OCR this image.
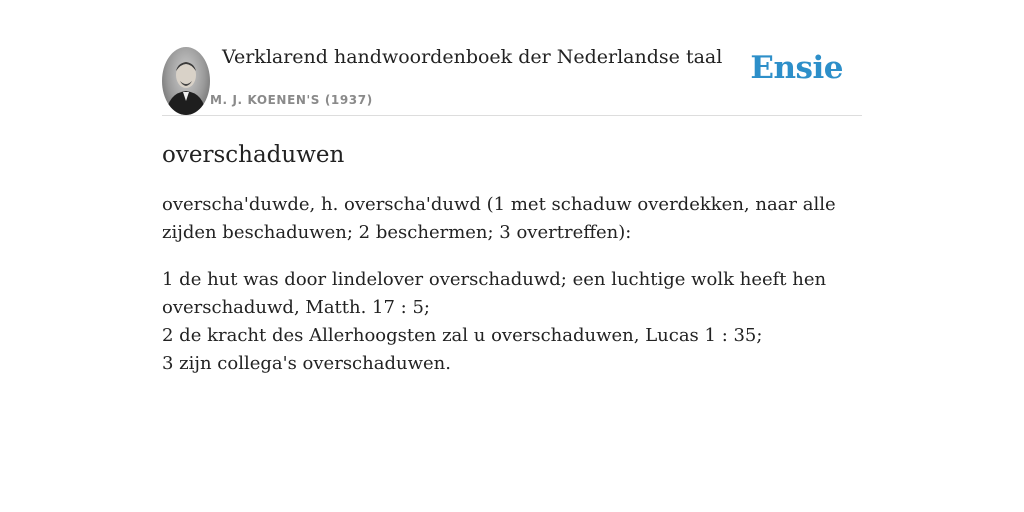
Verklarend handwoordenboek der Nederlandse taal
M. J. KOENEN'S (1937)
Ensie
overschaduwen

overscha'duwde, h. overscha'duwd (1 met schaduw overdekken, naar alle zijden beschaduwen; 2 beschermen; 3 overtreffen):

1 de hut was door lindelover overschaduwd; een luchtige wolk heeft hen overschaduwd, Matth. 17 : 5;
2 de kracht des Allerhoogsten zal u overschaduwen, Lucas 1 : 35;
3 zijn collega's overschaduwen.
